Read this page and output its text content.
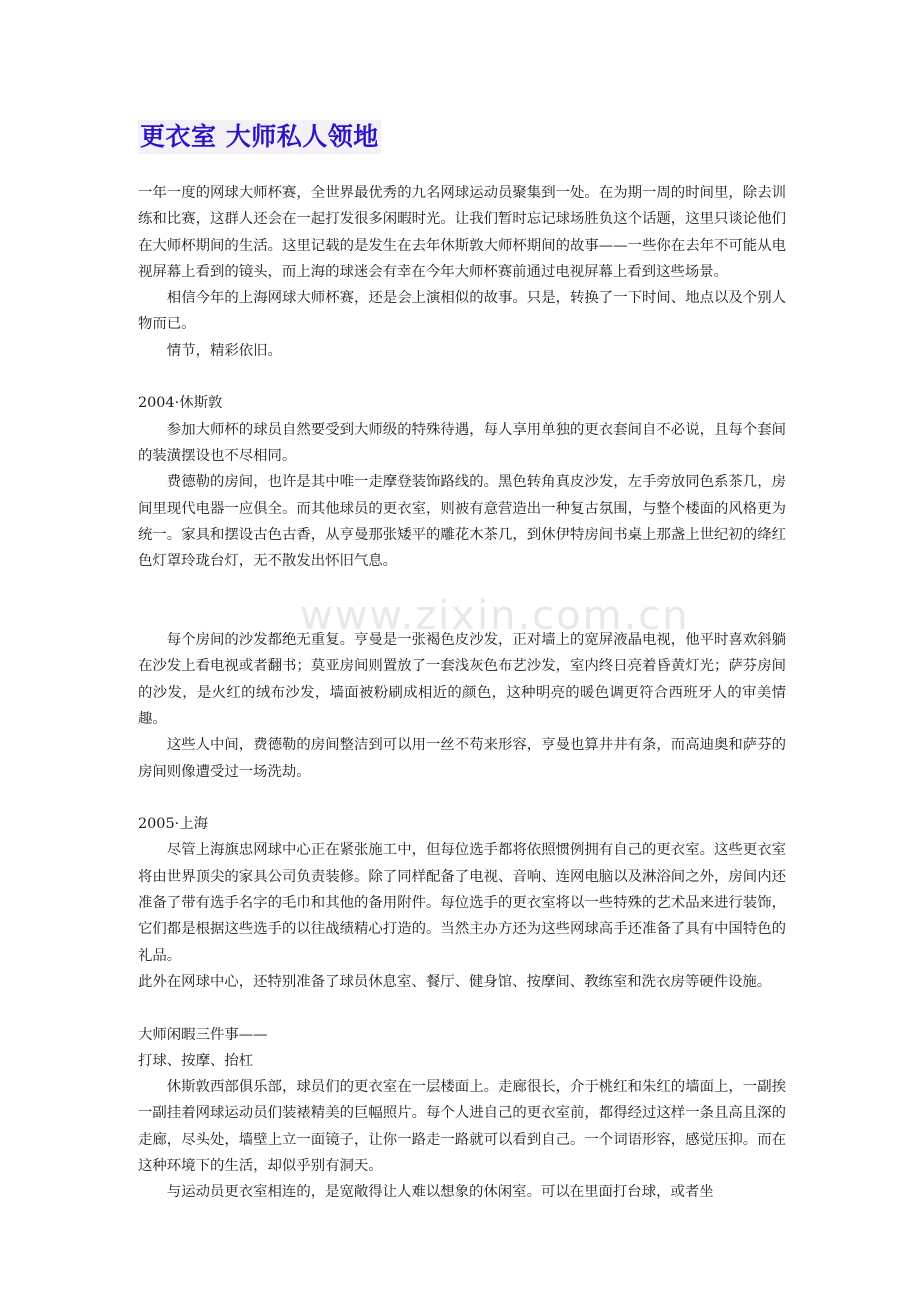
更衣室 大师私人领地

一年一度的网球大师杯赛，全世界最优秀的九名网球运动员聚集到一处。在为期一周的时间里，除去训练和比赛，这群人还会在一起打发很多闲暇时光。让我们暂时忘记球场胜负这个话题，这里只谈论他们在大师杯期间的生活。这里记载的是发生在去年休斯敦大师杯期间的故事——一些你在去年不可能从电视屏幕上看到的镜头，而上海的球迷会有幸在今年大师杯赛前通过电视屏幕上看到这些场景。

相信今年的上海网球大师杯赛，还是会上演相似的故事。只是，转换了一下时间、地点以及个别人物而已。

情节，精彩依旧。

2004·休斯敦

参加大师杯的球员自然要受到大师级的特殊待遇，每人享用单独的更衣套间自不必说，且每个套间的装潢摆设也不尽相同。

费德勒的房间，也许是其中唯一走摩登装饰路线的。黑色转角真皮沙发，左手旁放同色系茶几，房间里现代电器一应俱全。而其他球员的更衣室，则被有意营造出一种复古氛围，与整个楼面的风格更为统一。家具和摆设古色古香，从亨曼那张矮平的雕花木茶几，到休伊特房间书桌上那盏上世纪初的绛红色灯罩玲珑台灯，无不散发出怀旧气息。

每个房间的沙发都绝无重复。亨曼是一张褐色皮沙发，正对墙上的宽屏液晶电视，他平时喜欢斜躺在沙发上看电视或者翻书；莫亚房间则置放了一套浅灰色布艺沙发，室内终日亮着昏黄灯光；萨芬房间的沙发，是火红的绒布沙发，墙面被粉刷成相近的颜色，这种明亮的暖色调更符合西班牙人的审美情趣。

这些人中间，费德勒的房间整洁到可以用一丝不苟来形容，亨曼也算井井有条，而高迪奥和萨芬的房间则像遭受过一场洗劫。

2005·上海

尽管上海旗忠网球中心正在紧张施工中，但每位选手都将依照惯例拥有自己的更衣室。这些更衣室将由世界顶尖的家具公司负责装修。除了同样配备了电视、音响、连网电脑以及淋浴间之外，房间内还准备了带有选手名字的毛巾和其他的备用附件。每位选手的更衣室将以一些特殊的艺术品来进行装饰，它们都是根据这些选手的以往战绩精心打造的。当然主办方还为这些网球高手还准备了具有中国特色的礼品。

此外在网球中心，还特别准备了球员休息室、餐厅、健身馆、按摩间、教练室和洗衣房等硬件设施。

大师闲暇三件事——

打球、按摩、抬杠

休斯敦西部俱乐部，球员们的更衣室在一层楼面上。走廊很长，介于桃红和朱红的墙面上，一副挨一副挂着网球运动员们装裱精美的巨幅照片。每个人进自己的更衣室前，都得经过这样一条且高且深的走廊，尽头处，墙壁上立一面镜子，让你一路走一路就可以看到自己。一个词语形容，感觉压抑。而在这种环境下的生活，却似乎别有洞天。

与运动员更衣室相连的，是宽敞得让人难以想象的休闲室。可以在里面打台球，或者坐

www.zixin.com.cn
